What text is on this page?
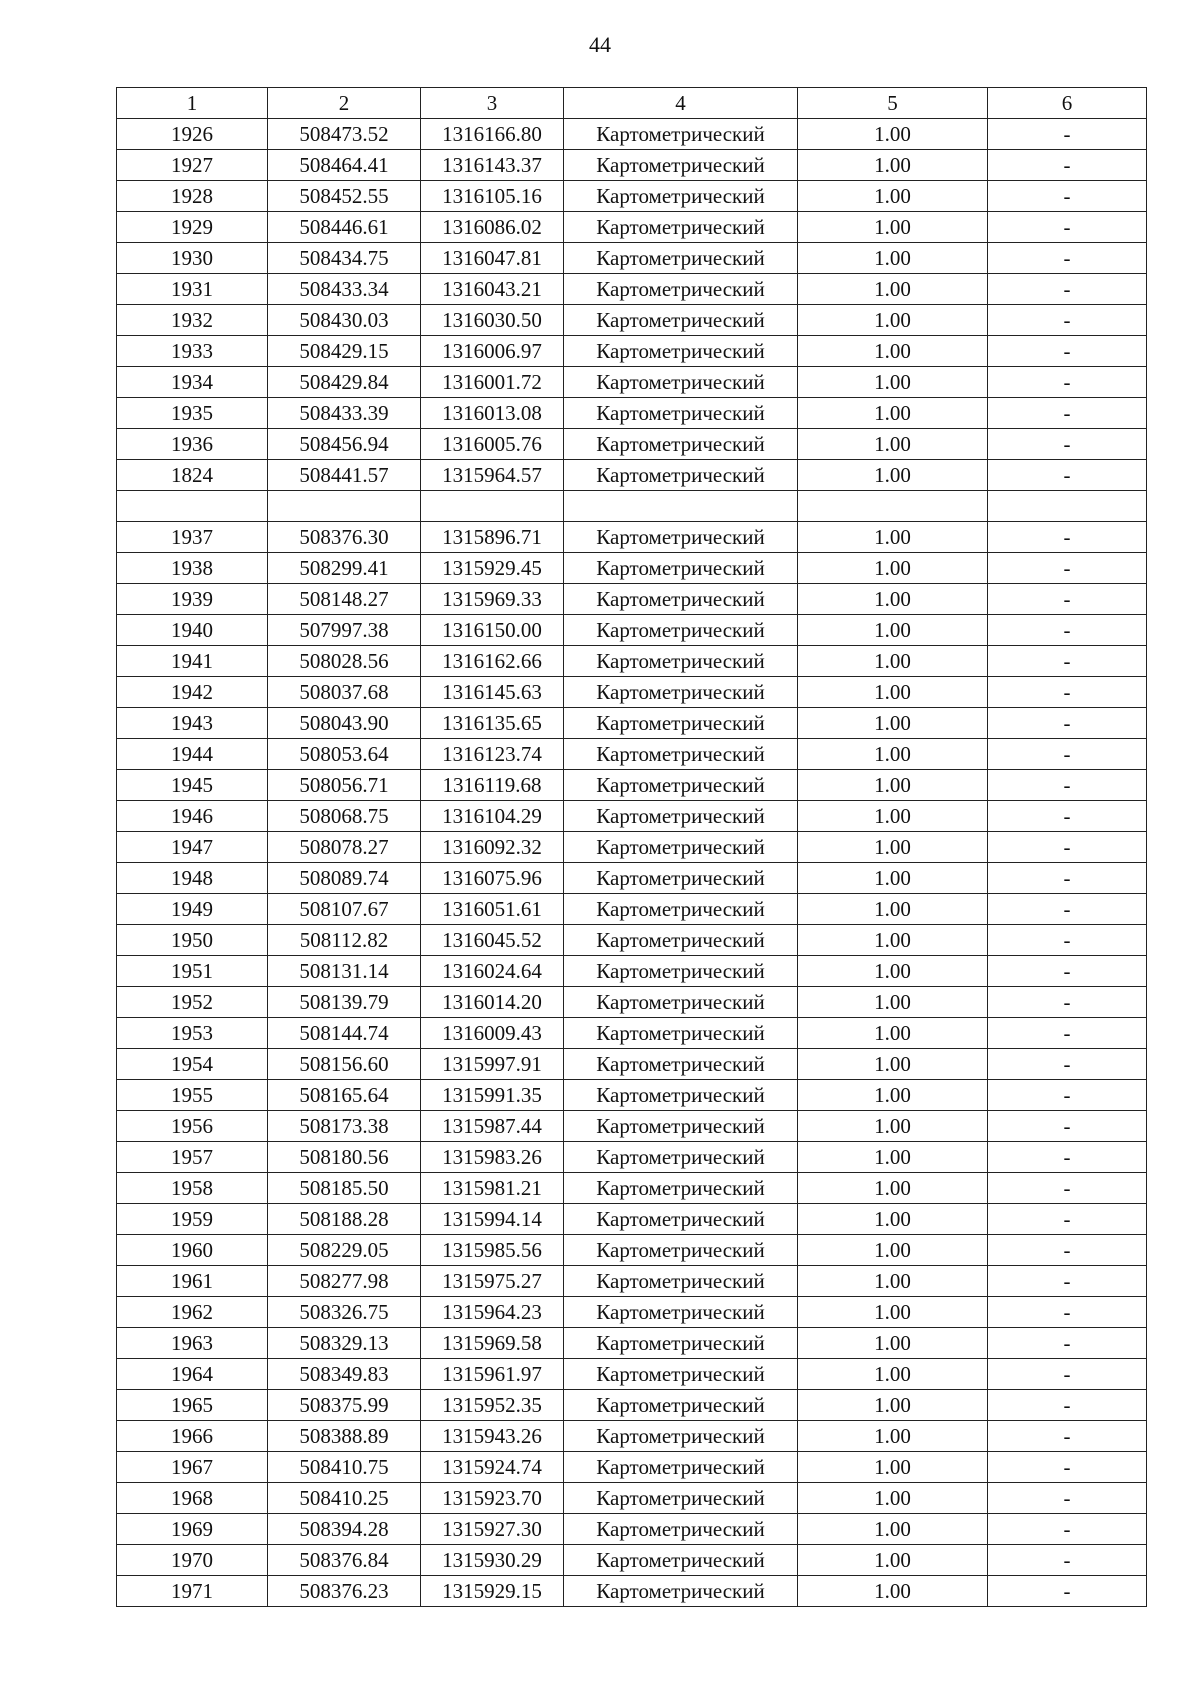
44
1	2	3	4	5	6
1926	508473.52	1316166.80	Картометрический	1.00	-
1927	508464.41	1316143.37	Картометрический	1.00	-
1928	508452.55	1316105.16	Картометрический	1.00	-
1929	508446.61	1316086.02	Картометрический	1.00	-
1930	508434.75	1316047.81	Картометрический	1.00	-
1931	508433.34	1316043.21	Картометрический	1.00	-
1932	508430.03	1316030.50	Картометрический	1.00	-
1933	508429.15	1316006.97	Картометрический	1.00	-
1934	508429.84	1316001.72	Картометрический	1.00	-
1935	508433.39	1316013.08	Картометрический	1.00	-
1936	508456.94	1316005.76	Картометрический	1.00	-
1824	508441.57	1315964.57	Картометрический	1.00	-

1937	508376.30	1315896.71	Картометрический	1.00	-
1938	508299.41	1315929.45	Картометрический	1.00	-
1939	508148.27	1315969.33	Картометрический	1.00	-
1940	507997.38	1316150.00	Картометрический	1.00	-
1941	508028.56	1316162.66	Картометрический	1.00	-
1942	508037.68	1316145.63	Картометрический	1.00	-
1943	508043.90	1316135.65	Картометрический	1.00	-
1944	508053.64	1316123.74	Картометрический	1.00	-
1945	508056.71	1316119.68	Картометрический	1.00	-
1946	508068.75	1316104.29	Картометрический	1.00	-
1947	508078.27	1316092.32	Картометрический	1.00	-
1948	508089.74	1316075.96	Картометрический	1.00	-
1949	508107.67	1316051.61	Картометрический	1.00	-
1950	508112.82	1316045.52	Картометрический	1.00	-
1951	508131.14	1316024.64	Картометрический	1.00	-
1952	508139.79	1316014.20	Картометрический	1.00	-
1953	508144.74	1316009.43	Картометрический	1.00	-
1954	508156.60	1315997.91	Картометрический	1.00	-
1955	508165.64	1315991.35	Картометрический	1.00	-
1956	508173.38	1315987.44	Картометрический	1.00	-
1957	508180.56	1315983.26	Картометрический	1.00	-
1958	508185.50	1315981.21	Картометрический	1.00	-
1959	508188.28	1315994.14	Картометрический	1.00	-
1960	508229.05	1315985.56	Картометрический	1.00	-
1961	508277.98	1315975.27	Картометрический	1.00	-
1962	508326.75	1315964.23	Картометрический	1.00	-
1963	508329.13	1315969.58	Картометрический	1.00	-
1964	508349.83	1315961.97	Картометрический	1.00	-
1965	508375.99	1315952.35	Картометрический	1.00	-
1966	508388.89	1315943.26	Картометрический	1.00	-
1967	508410.75	1315924.74	Картометрический	1.00	-
1968	508410.25	1315923.70	Картометрический	1.00	-
1969	508394.28	1315927.30	Картометрический	1.00	-
1970	508376.84	1315930.29	Картометрический	1.00	-
1971	508376.23	1315929.15	Картометрический	1.00	-
